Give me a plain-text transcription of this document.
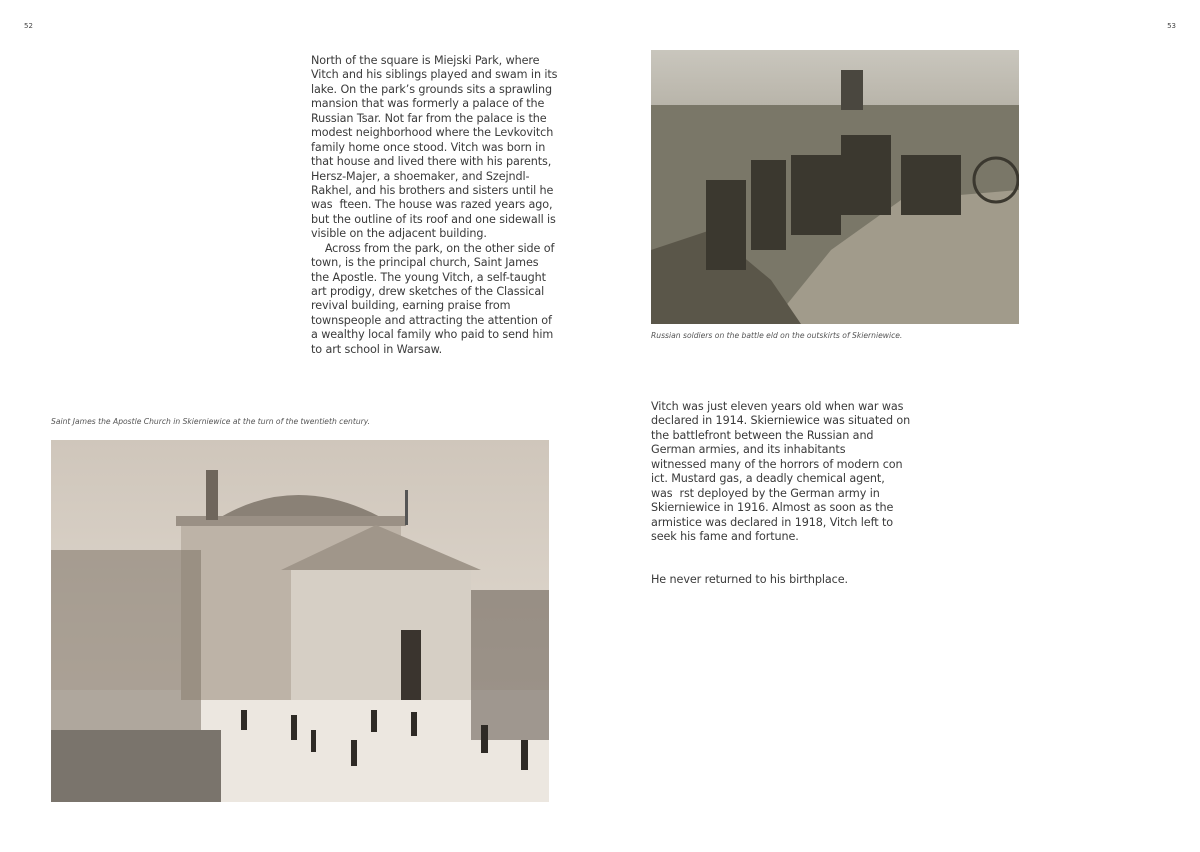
52	53
North of the square is Miejski Park, where
Vitch and his siblings played and swam in its
lake. On the park’s grounds sits a sprawling
mansion that was formerly a palace of the
Russian Tsar. Not far from the palace is the
modest neighborhood where the Levkovitch
family home once stood. Vitch was born in
that house and lived there with his parents,
Hersz-Majer, a shoemaker, and Szejndl-
Rakhel, and his brothers and sisters until he
was  fteen. The house was razed years ago,
but the outline of its roof and one sidewall is
visible on the adjacent building.
Across from the park, on the other side of
town, is the principal church, Saint James
the Apostle. The young Vitch, a self-taught
art prodigy, drew sketches of the Classical
revival building, earning praise from
townspeople and attracting the attention of
a wealthy local family who paid to send him
to art school in Warsaw.
Saint James the Apostle Church in Skierniewice at the turn of the twentieth century.
Russian soldiers on the battle eld on the outskirts of Skierniewice.
Vitch was just eleven years old when war was
declared in 1914. Skierniewice was situated on
the battlefront between the Russian and
German armies, and its inhabitants
witnessed many of the horrors of modern con
ict. Mustard gas, a deadly chemical agent,
was  rst deployed by the German army in
Skierniewice in 1916. Almost as soon as the
armistice was declared in 1918, Vitch left to
seek his fame and fortune.
He never returned to his birthplace.
